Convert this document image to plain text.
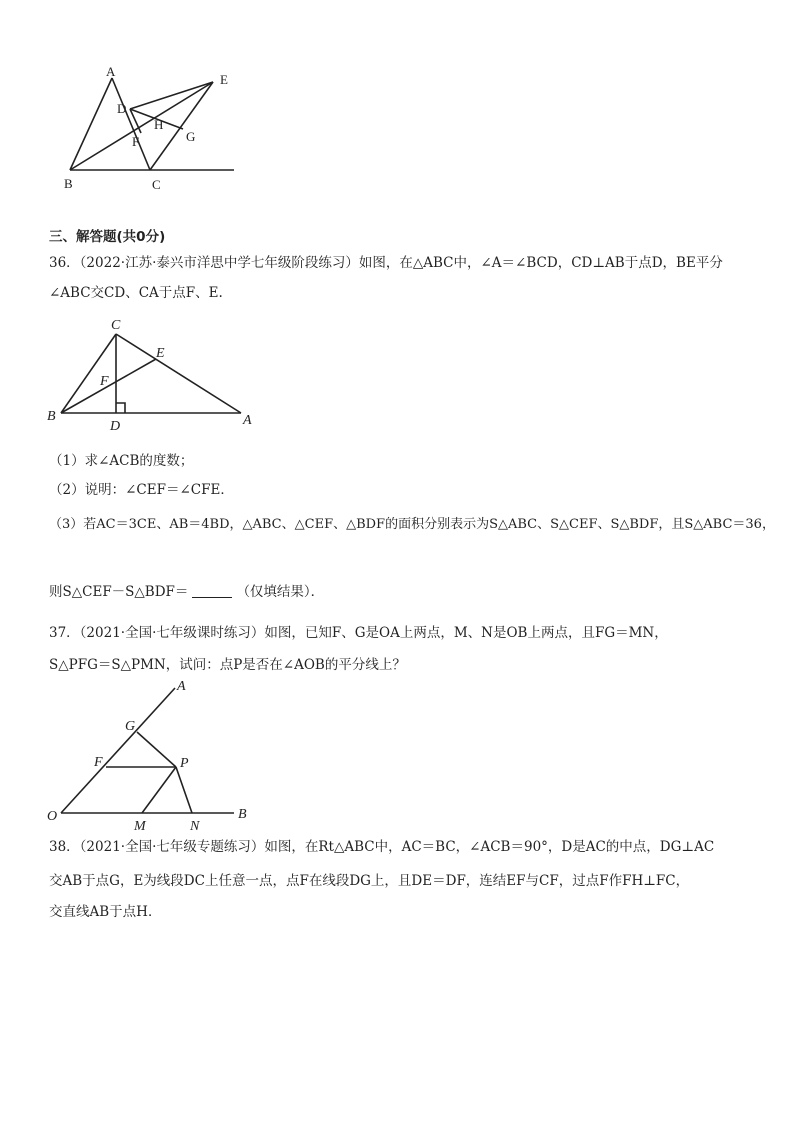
A
B	C
D
E
F	G
H
三、解答题(共0分)
36．（2022·江苏·泰兴市洋思中学七年级阶段练习）如图，在△ABC中，∠A＝∠BCD，CD⊥AB于点D，BE平分
∠ABC交CD、CA于点F、E.
C
E
F
B
D	A
（1）求∠ACB的度数；
（2）说明：∠CEF＝∠CFE．
（3）若AC＝3CE、AB＝4BD，△ABC、△CEF、△BDF的面积分别表示为S△ABC、S△CEF、S△BDF，且S△ABC＝36，
则S△CEF－S△BDF＝	（仅填结果）．
37．（2021·全国·七年级课时练习）如图，已知F、G是OA上两点，M、N是OB上两点，且FG＝MN，
S△PFG＝S△PMN，试问：点P是否在∠AOB的平分线上？
A
G
F	P
O
M	N
B
38．（2021·全国·七年级专题练习）如图，在Rt△ABC中，AC＝BC，∠ACB＝90°，D是AC的中点，DG⊥AC
交AB于点G，E为线段DC上任意一点，点F在线段DG上，且DE＝DF，连结EF与CF，过点F作FH⊥FC，
交直线AB于点H．
